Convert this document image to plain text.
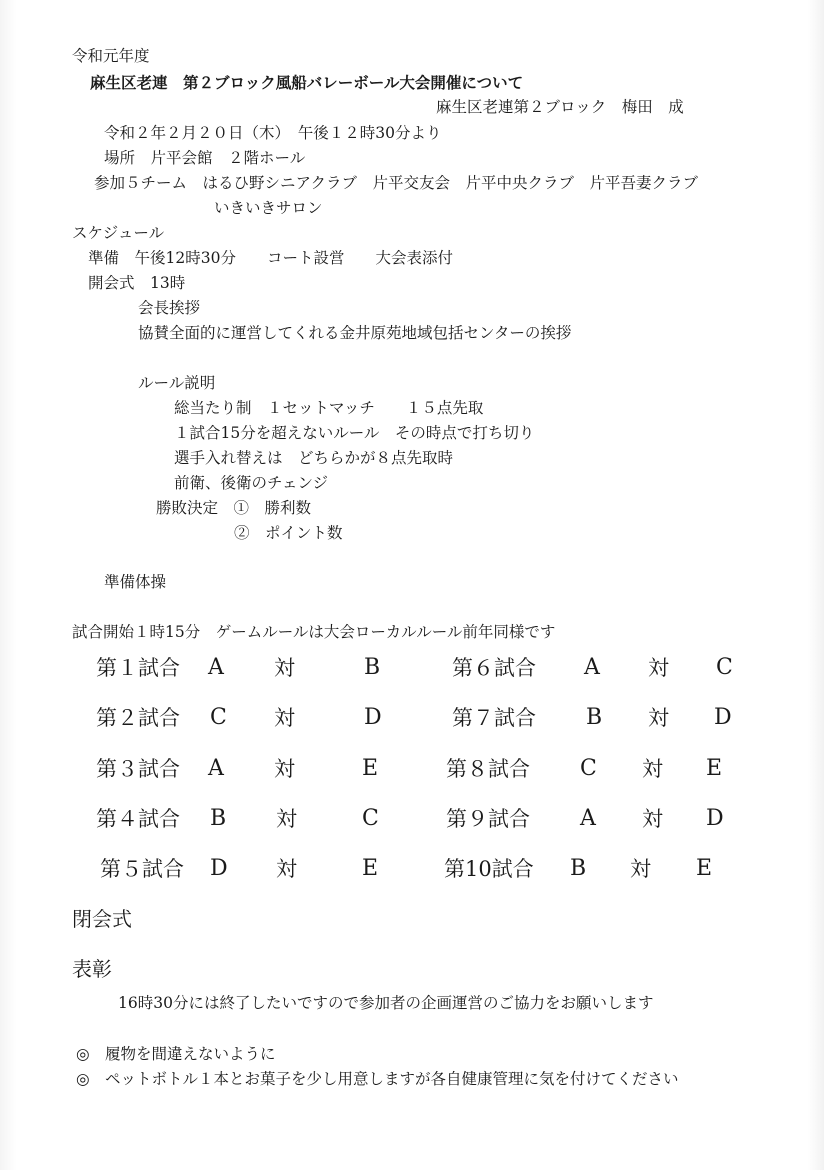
令和元年度
麻生区老連　第２ブロック風船バレーボール大会開催について
麻生区老連第２ブロック　梅田　成
令和２年２月２０日（木）　午後１２時30分より
場所　片平会館　２階ホール
参加５チーム　はるひ野シニアクラブ　片平交友会　片平中央クラブ　片平吾妻クラブ
いきいきサロン
スケジュール
準備　午後12時30分　　コート設営　　大会表添付
開会式　13時
会長挨拶
協賛全面的に運営してくれる金井原苑地域包括センターの挨拶
ルール説明
総当たり制　１セットマッチ　　１５点先取
１試合15分を超えないルール　その時点で打ち切り
選手入れ替えは　どちらかが８点先取時
前衛、後衛のチェンジ
勝敗決定　①　勝利数
②　ポイント数
準備体操
試合開始１時15分　ゲームルールは大会ローカルルール前年同様です
第１試合 A 対	B
第２試合 C 対	D
第３試合 A 対	E
第４試合 B 対	C
第５試合 D 対	E
第６試合 A 対 C
第７試合 B 対 D
第８試合 C 対 E
第９試合 A 対 D
第10試合 B 対 E
閉会式
表彰
16時30分には終了したいですので参加者の企画運営のご協力をお願いします
◎　履物を間違えないように
◎　ペットボトル１本とお菓子を少し用意しますが各自健康管理に気を付けてください
